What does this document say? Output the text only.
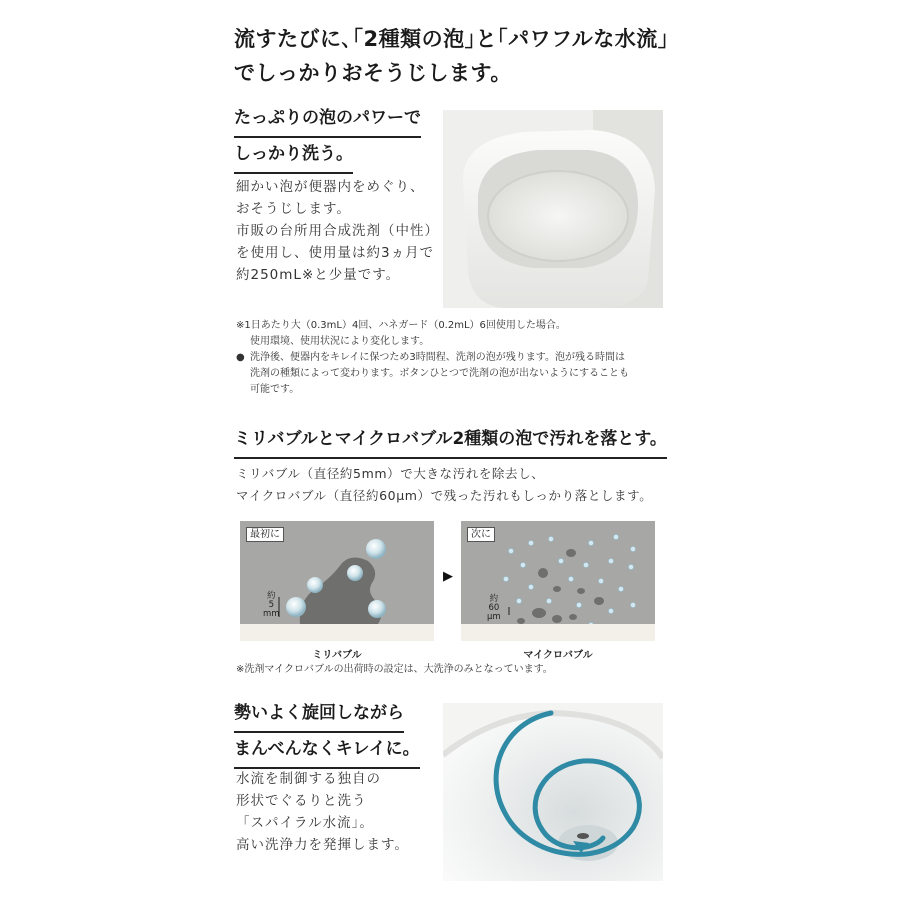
流すたびに､｢2種類の泡｣と｢パワフルな水流｣
でしっかりおそうじします。
たっぷりの泡のパワーで
しっかり洗う。
細かい泡が便器内をめぐり、
おそうじします。
市販の台所用合成洗剤（中性）
を使用し、使用量は約3ヵ月で
約250mL※と少量です。
※1日あたり大（0.3mL）4回、ハネガード（0.2mL）6回使用した場合。
使用環境、使用状況により変化します。
● 洗浄後、便器内をキレイに保つため3時間程、洗剤の泡が残ります。泡が残る時間は
洗剤の種類によって変わります。ボタンひとつで洗剤の泡が出ないようにすることも
可能です。
ミリバブルとマイクロバブル2種類の泡で汚れを落とす。
ミリバブル（直径約5mm）で大きな汚れを除去し、
マイクロバブル（直径約60μm）で残った汚れもしっかり落とします。
最初に
約
5
mm
▶
次に
約
60
μm
ミリバブル	マイクロバブル
※洗剤マイクロバブルの出荷時の設定は、大洗浄のみとなっています。
勢いよく旋回しながら
まんべんなくキレイに。
水流を制御する独自の
形状でぐるりと洗う
「スパイラル水流」。
高い洗浄力を発揮します。
